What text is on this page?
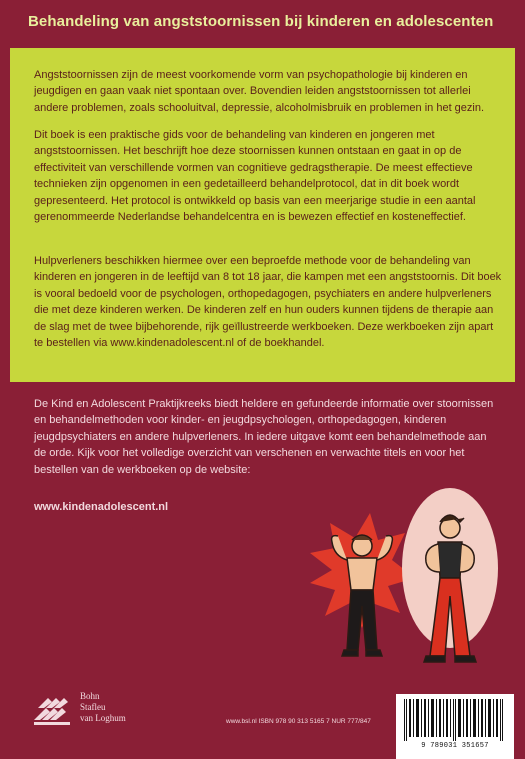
Behandeling van angststoornissen bij kinderen en adolescenten

Angststoornissen zijn de meest voorkomende vorm van psychopathologie bij kinderen en jeugdigen en gaan vaak niet spontaan over. Bovendien leiden angststoornissen tot allerlei andere problemen, zoals schooluitval, depressie, alcoholmisbruik en problemen in het gezin.

Dit boek is een praktische gids voor de behandeling van kinderen en jongeren met angststoornissen. Het beschrijft hoe deze stoornissen kunnen ontstaan en gaat in op de effectiviteit van verschillende vormen van cognitieve gedragstherapie. De meest effectieve technieken zijn opgenomen in een gedetailleerd behandelprotocol, dat in dit boek wordt gepresenteerd. Het protocol is ontwikkeld op basis van een meerjarige studie in een aantal gerenommeerde Nederlandse behandelcentra en is bewezen effectief en kosteneffectief.

Hulpverleners beschikken hiermee over een beproefde methode voor de behandeling van kinderen en jongeren in de leeftijd van 8 tot 18 jaar, die kampen met een angststoornis. Dit boek is vooral bedoeld voor de psychologen, orthopedagogen, psychiaters en andere hulpverleners die met deze kinderen werken. De kinderen zelf en hun ouders kunnen tijdens de therapie aan de slag met de twee bijbehorende, rijk geïllustreerde werkboeken. Deze werkboeken zijn apart te bestellen via www.kindenadolescent.nl of de boekhandel.

De Kind en Adolescent Praktijkreeks biedt heldere en gefundeerde informatie over stoornissen en behandelmethoden voor kinder- en jeugdpsychologen, orthopedagogen, kinderen jeugdpsychiaters en andere hulpverleners. In iedere uitgave komt een behandelmethode aan de orde. Kijk voor het volledige overzicht van verschenen en verwachte titels en voor het bestellen van de werkboeken op de website:

www.kindenadolescent.nl

Bohn
Stafleu
van Loghum	www.bsl.nl ISBN 978 90 313 5165 7 NUR 777/847
9 789031 351657
